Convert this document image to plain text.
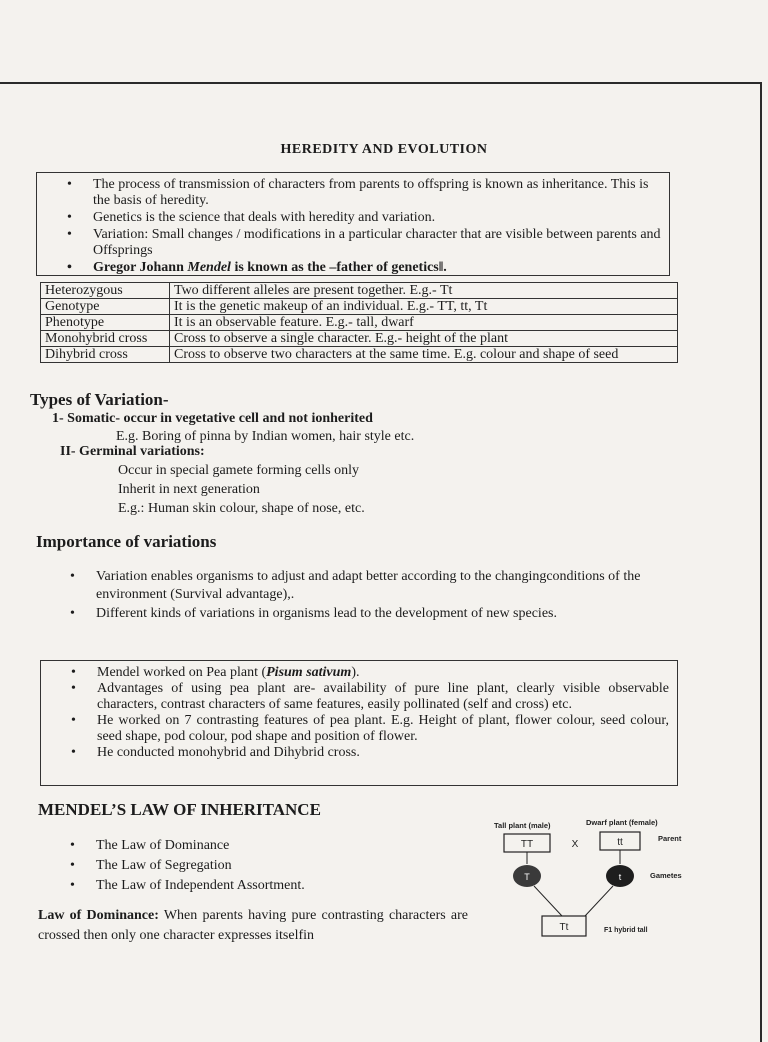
HEREDITY AND EVOLUTION
• The process of transmission of characters from parents to offspring is known as inheritance. This is the basis of heredity.
• Genetics is the science that deals with heredity and variation.
• Variation: Small changes / modifications in a particular character that are visible between parents and Offsprings
• Gregor Johann Mendel is known as the –father of genetics‖.
Heterozygous	Two different alleles are present together. E.g.- Tt
Genotype	It is the genetic makeup of an individual. E.g.- TT, tt, Tt
Phenotype	It is an observable feature. E.g.- tall, dwarf
Monohybrid cross	Cross to observe a single character. E.g.- height of the plant
Dihybrid cross	Cross to observe two characters at the same time. E.g. colour and shape of seed
Types of Variation-
1- Somatic- occur in vegetative cell and not ionherited
E.g. Boring of pinna by Indian women, hair style etc.
II- Germinal variations:
Occur in special gamete forming cells only
Inherit in next generation
E.g.: Human skin colour, shape of nose, etc.
Importance of variations
• Variation enables organisms to adjust and adapt better according to the changingconditions of the environment (Survival advantage),.
• Different kinds of variations in organisms lead to the development of new species.
• Mendel worked on Pea plant (Pisum sativum).
• Advantages of using pea plant are- availability of pure line plant, clearly visible observable characters, contrast characters of same features, easily pollinated (self and cross) etc.
• He worked on 7 contrasting features of pea plant. E.g. Height of plant, flower colour, seed colour, seed shape, pod colour, pod shape and position of flower.
• He conducted monohybrid and Dihybrid cross.
MENDEL’S LAW OF INHERITANCE
• The Law of Dominance
• The Law of Segregation
• The Law of Independent Assortment.
Law of Dominance: When parents having pure contrasting characters are crossed then only one character expresses itselfin
Tall plant (male)	Dwarf plant (female)
TT	X	tt	Parent
T	t	Gametes
Tt	F1 hybrid tall
